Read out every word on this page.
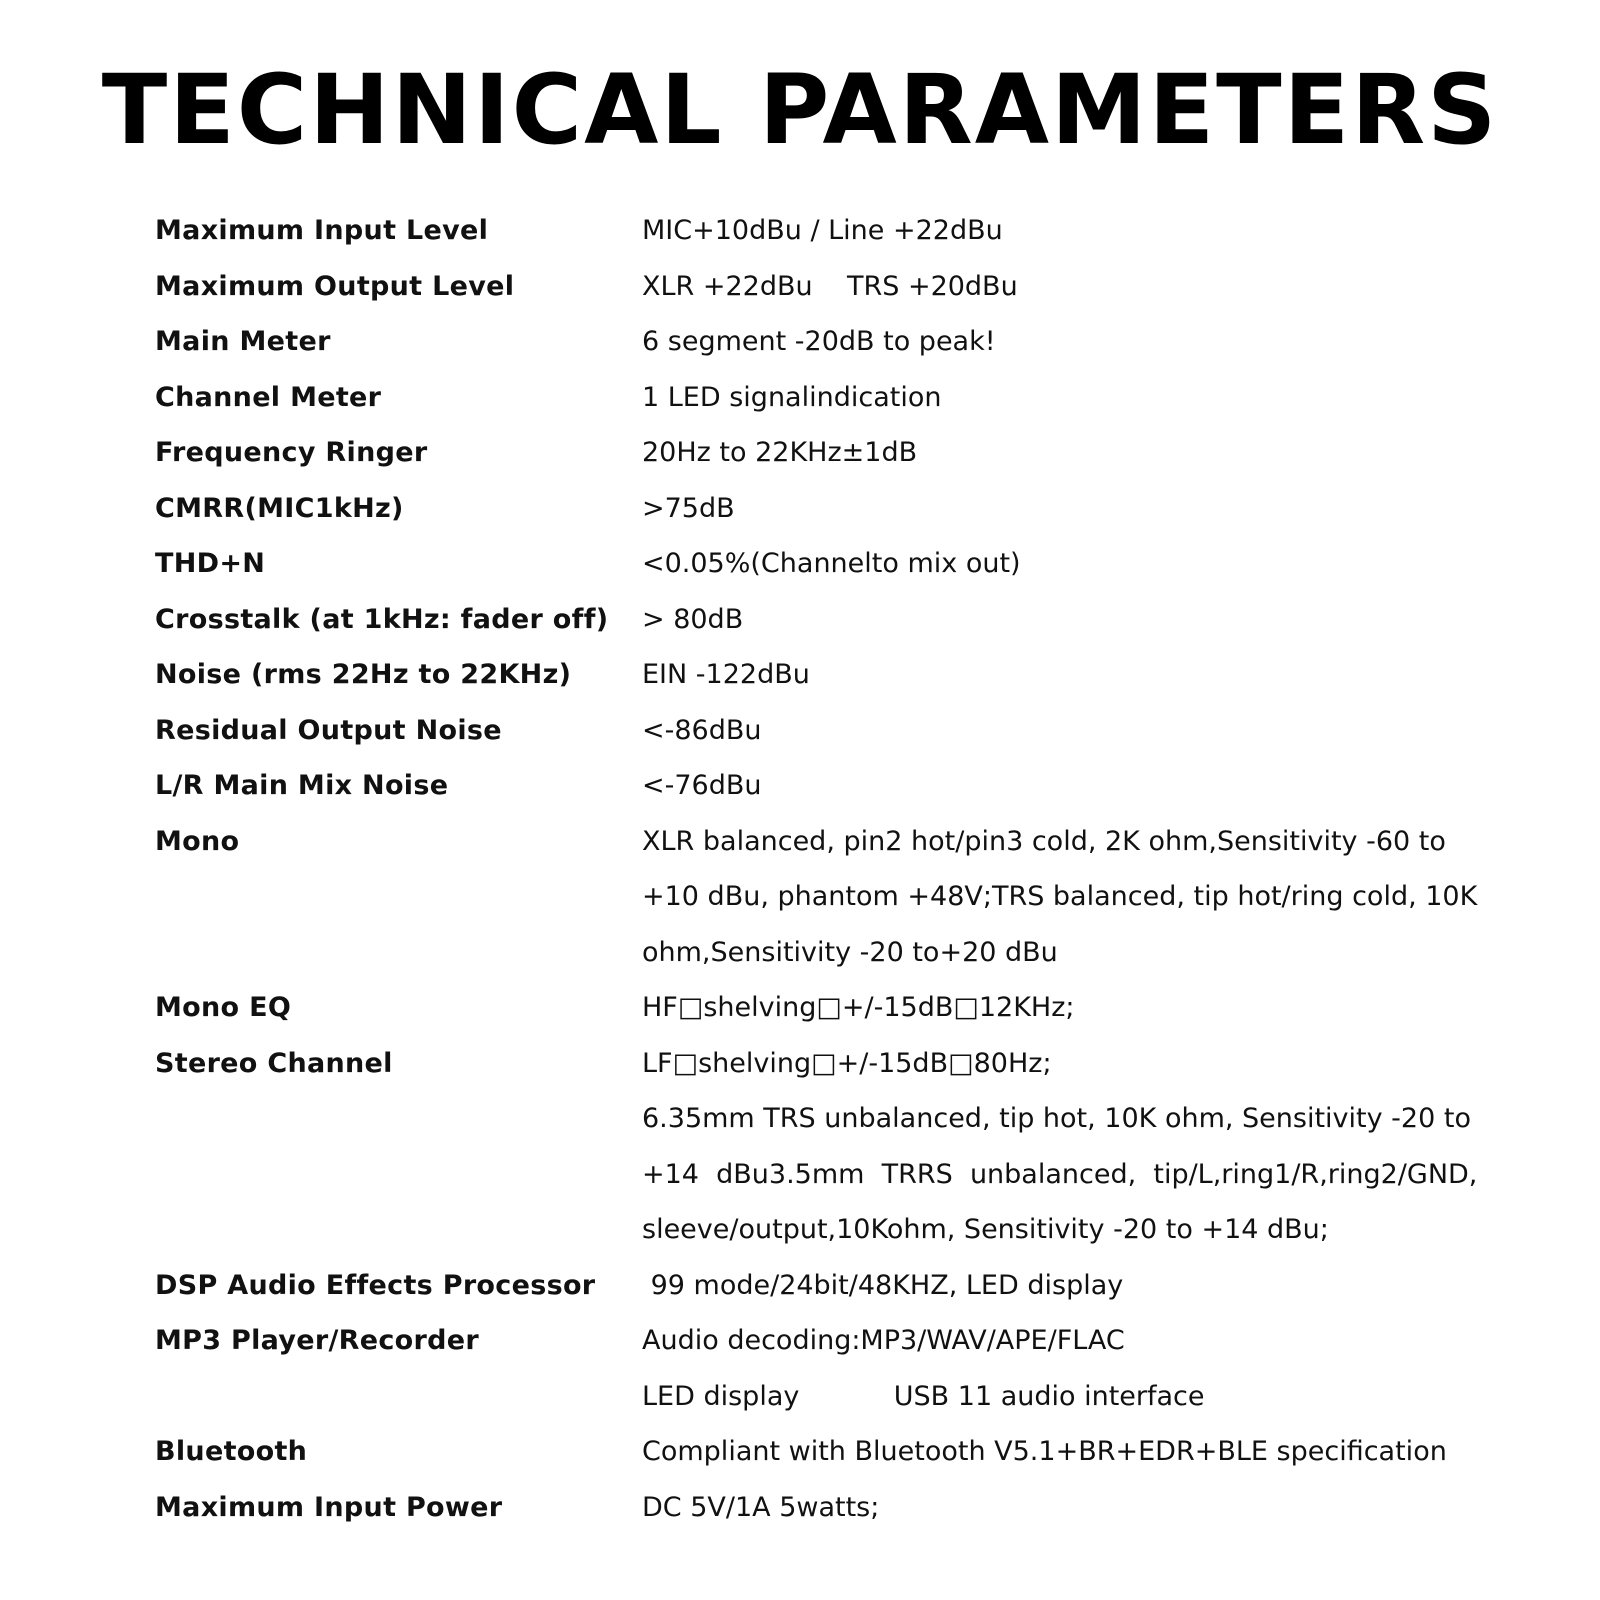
TECHNICAL PARAMETERS
Maximum Input Level	MIC+10dBu / Line +22dBu
Maximum Output Level	XLR +22dBu    TRS +20dBu
Main Meter	6 segment -20dB to peak!
Channel Meter	1 LED signalindication
Frequency Ringer	20Hz to 22KHz±1dB
CMRR(MIC1kHz)	>75dB
THD+N	<0.05%(Channelto mix out)
Crosstalk (at 1kHz: fader off)	> 80dB
Noise (rms 22Hz to 22KHz)	EIN -122dBu
Residual Output Noise	<-86dBu
L/R Main Mix Noise	<-76dBu
Mono	XLR balanced, pin2 hot/pin3 cold, 2K ohm,Sensitivity -60 to
+10 dBu, phantom +48V;TRS balanced, tip hot/ring cold, 10K
ohm,Sensitivity -20 to+20 dBu
Mono EQ	HF□shelving□+/-15dB□12KHz;
Stereo Channel	LF□shelving□+/-15dB□80Hz;
6.35mm TRS unbalanced, tip hot, 10K ohm, Sensitivity -20 to
+14  dBu3.5mm  TRRS  unbalanced,  tip/L,ring1/R,ring2/GND,
sleeve/output,10Kohm, Sensitivity -20 to +14 dBu;
DSP Audio Effects Processor	99 mode/24bit/48KHZ, LED display
MP3 Player/Recorder	Audio decoding:MP3/WAV/APE/FLAC
LED display           USB 11 audio interface
Bluetooth	Compliant with Bluetooth V5.1+BR+EDR+BLE specification
Maximum Input Power	DC 5V/1A 5watts;
